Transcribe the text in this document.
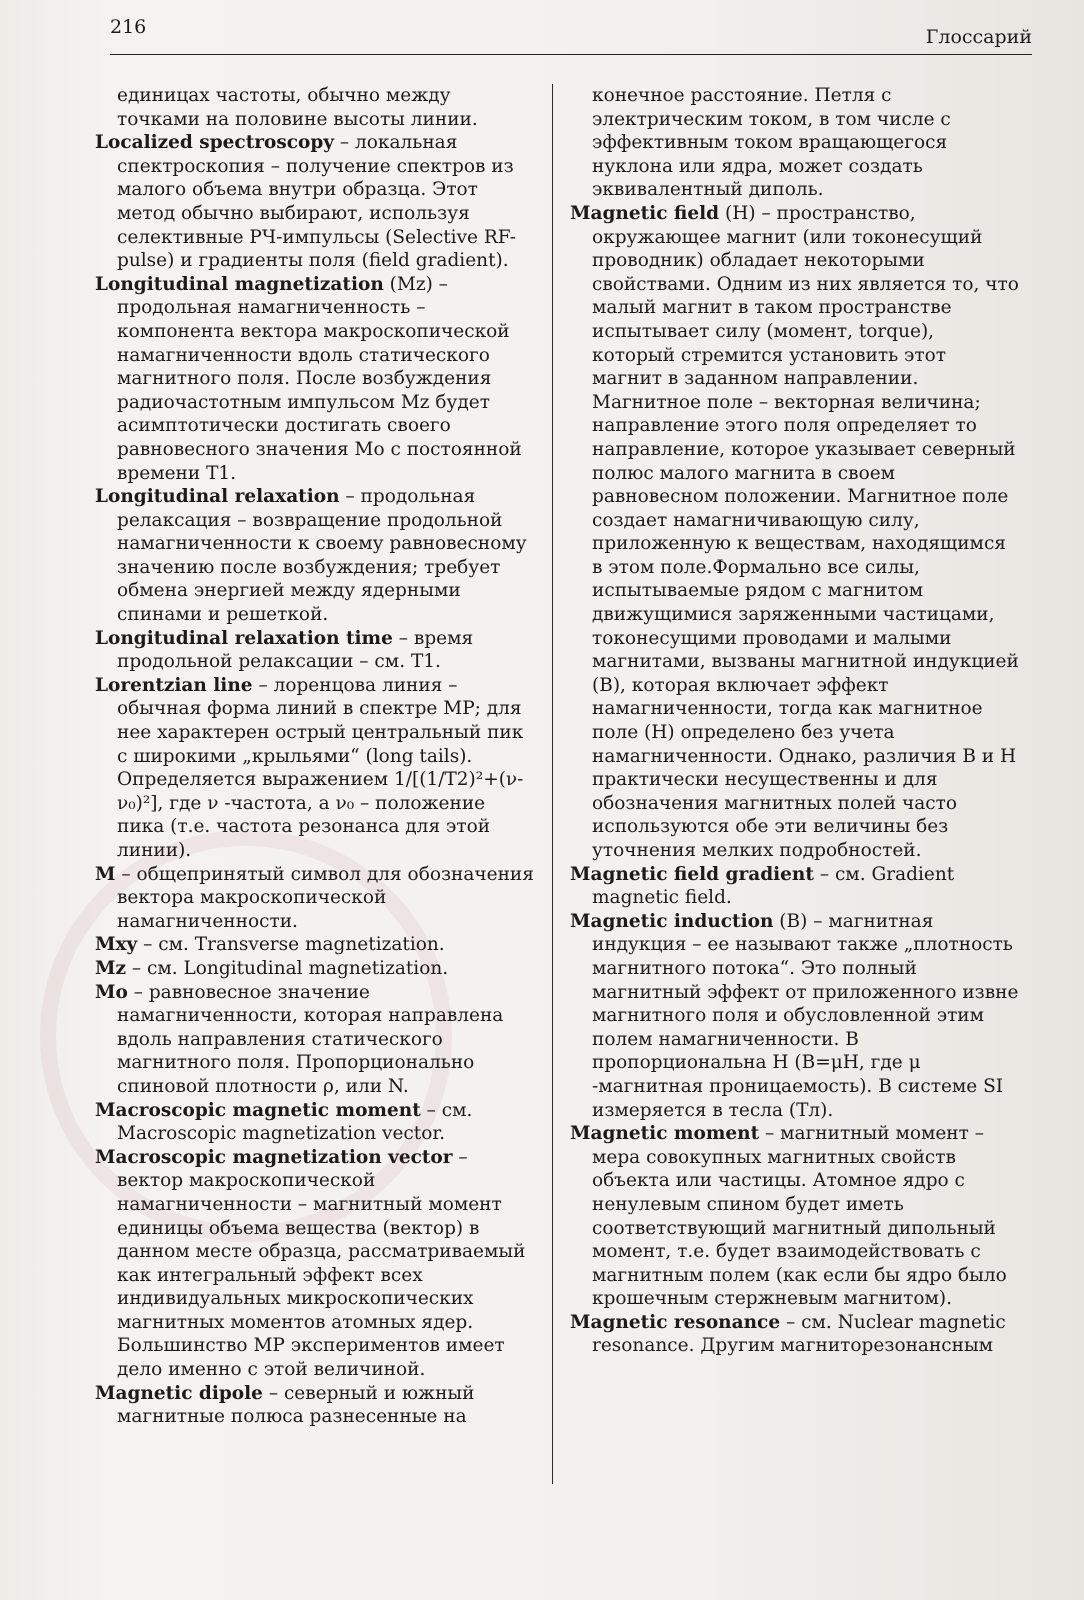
216	Глоссарий

единицах частоты, обычно между точками на половине высоты линии.

Localized spectroscopy – локальная спектроскопия – получение спектров из малого объема внутри образца. Этот метод обычно выбирают, используя селективные РЧ-импульсы (Selective RF-pulse) и градиенты поля (field gradient).

Longitudinal magnetization (Mz) – продольная намагниченность – компонента вектора макроскопической намагниченности вдоль статического магнитного поля. После возбуждения радиочастотным импульсом Mz будет асимптотически достигать своего равновесного значения Mo с постоянной времени T1.

Longitudinal relaxation – продольная релаксация – возвращение продольной намагниченности к своему равновесному значению после возбуждения; требует обмена энергией между ядерными спинами и решеткой.

Longitudinal relaxation time – время продольной релаксации – см. T1.

Lorentzian line – лоренцова линия – обычная форма линий в спектре МР; для нее характерен острый центральный пик с широкими „крыльями“ (long tails). Определяется выражением 1/[(1/T2)²+(ν-ν₀)²], где ν -частота, а ν₀ – положение пика (т.е. частота резонанса для этой линии).

M – общепринятый символ для обозначения вектора макроскопической намагниченности.

Mxy – см. Transverse magnetization.

Mz – см. Longitudinal magnetization.

Mo – равновесное значение намагниченности, которая направлена вдоль направления статического магнитного поля. Пропорционально спиновой плотности ρ, или N.

Macroscopic magnetic moment – см. Macroscopic magnetization vector.

Macroscopic magnetization vector – вектор макроскопической намагниченности – магнитный момент единицы объема вещества (вектор) в данном месте образца, рассматриваемый как интегральный эффект всех индивидуальных микроскопических магнитных моментов атомных ядер. Большинство МР экспериментов имеет дело именно с этой величиной.

Magnetic dipole – северный и южный магнитные полюса разнесенные на

конечное расстояние. Петля с электрическим током, в том числе с эффективным током вращающегося нуклона или ядра, может создать эквивалентный диполь.

Magnetic field (H) – пространство, окружающее магнит (или токонесущий проводник) обладает некоторыми свойствами. Одним из них является то, что малый магнит в таком пространстве испытывает силу (момент, torque), который стремится установить этот магнит в заданном направлении. Магнитное поле – векторная величина; направление этого поля определяет то направление, которое указывает северный полюс малого магнита в своем равновесном положении. Магнитное поле создает намагничивающую силу, приложенную к веществам, находящимся в этом поле.Формально все силы, испытываемые рядом с магнитом движущимися заряженными частицами, токонесущими проводами и малыми магнитами, вызваны магнитной индукцией (B), которая включает эффект намагниченности, тогда как магнитное поле (H) определено без учета намагниченности. Однако, различия B и H практически несущественны и для обозначения магнитных полей часто используются обе эти величины без уточнения мелких подробностей.

Magnetic field gradient – см. Gradient magnetic field.

Magnetic induction (B) – магнитная индукция – ее называют также „плотность магнитного потока“. Это полный магнитный эффект от приложенного извне магнитного поля и обусловленной этим полем намагниченности. B пропорциональна H (B=μH, где μ -магнитная проницаемость). В системе SI измеряется в тесла (Тл).

Magnetic moment – магнитный момент – мера совокупных магнитных свойств объекта или частицы. Атомное ядро с ненулевым спином будет иметь соответствующий магнитный дипольный момент, т.е. будет взаимодействовать с магнитным полем (как если бы ядро было крошечным стержневым магнитом).

Magnetic resonance – см. Nuclear magnetic resonance. Другим магниторезонансным
